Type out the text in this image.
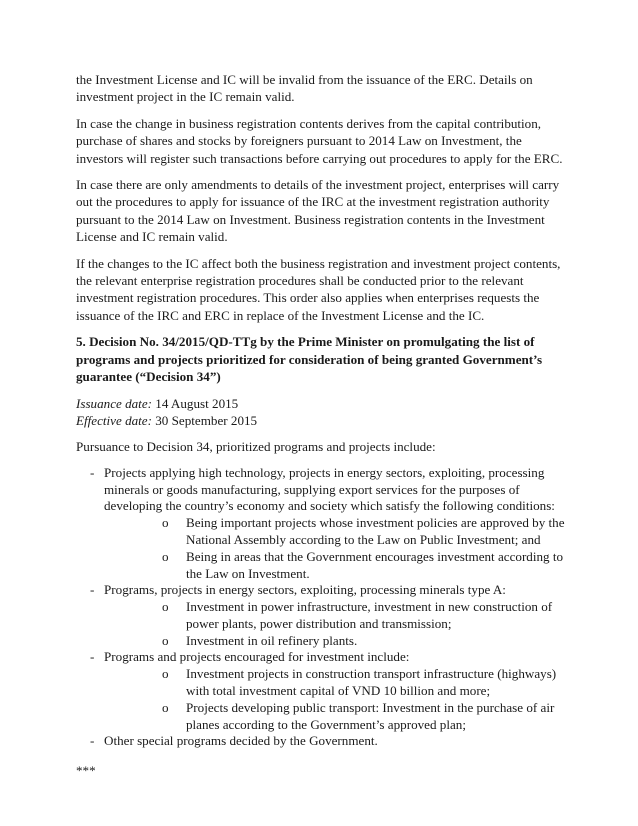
the Investment License and IC will be invalid from the issuance of the ERC. Details on investment project in the IC remain valid.

In case the change in business registration contents derives from the capital contribution, purchase of shares and stocks by foreigners pursuant to 2014 Law on Investment, the investors will register such transactions before carrying out procedures to apply for the ERC.

In case there are only amendments to details of the investment project, enterprises will carry out the procedures to apply for issuance of the IRC at the investment registration authority pursuant to the 2014 Law on Investment. Business registration contents in the Investment License and IC remain valid.

If the changes to the IC affect both the business registration and investment project contents, the relevant enterprise registration procedures shall be conducted prior to the relevant investment registration procedures. This order also applies when enterprises requests the issuance of the IRC and ERC in replace of the Investment License and the IC.

5. Decision No. 34/2015/QD-TTg by the Prime Minister on promulgating the list of programs and projects prioritized for consideration of being granted Government’s guarantee (“Decision 34”)

Issuance date: 14 August 2015

Effective date: 30 September 2015

Pursuance to Decision 34, prioritized programs and projects include:

- Projects applying high technology, projects in energy sectors, exploiting, processing minerals or goods manufacturing, supplying export services for the purposes of developing the country’s economy and society which satisfy the following conditions:
o Being important projects whose investment policies are approved by the National Assembly according to the Law on Public Investment; and
o Being in areas that the Government encourages investment according to the Law on Investment.
- Programs, projects in energy sectors, exploiting, processing minerals type A:
o Investment in power infrastructure, investment in new construction of power plants, power distribution and transmission;
o Investment in oil refinery plants.
- Programs and projects encouraged for investment include:
o Investment projects in construction transport infrastructure (highways) with total investment capital of VND 10 billion and more;
o Projects developing public transport: Investment in the purchase of air planes according to the Government’s approved plan;
- Other special programs decided by the Government.

***
